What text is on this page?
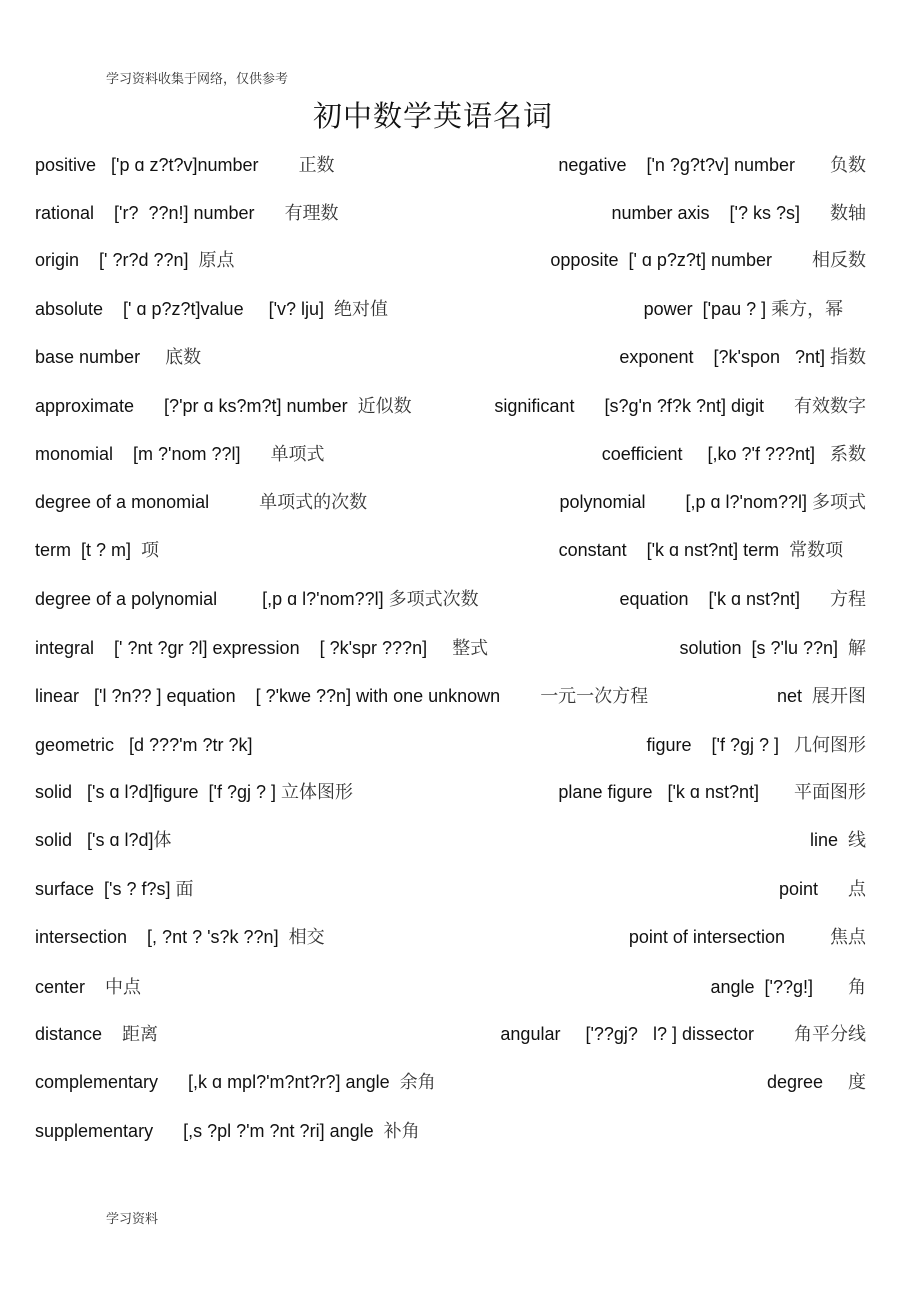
学习资料收集于网络，仅供参考
初中数学英语名词
positive   ['p ɑ z?t?v]number        正数	negative    ['n ?g?t?v] number       负数
rational    ['r?  ??n!] number      有理数	number axis    ['? ks ?s]      数轴
origin    [' ?r?d ??n]  原点	opposite  [' ɑ p?z?t] number        相反数
absolute    [' ɑ p?z?t]value     ['v? lju]  绝对值	power  ['pau ? ] 乘方，幂
base number     底数	exponent    [?k'spon   ?nt] 指数
approximate      [?'pr ɑ ks?m?t] number  近似数	significant      [s?g'n ?f?k ?nt] digit      有效数字
monomial    [m ?'nom ??l]      单项式	coefficient     [,ko ?'f ???nt]   系数
degree of a monomial          单项式的次数	polynomial        [,p ɑ l?'nom??l] 多项式
term  [t ? m]  项	constant    ['k ɑ nst?nt] term  常数项
degree of a polynomial         [,p ɑ l?'nom??l] 多项式次数	equation    ['k ɑ nst?nt]      方程
integral    [' ?nt ?gr ?l] expression    [ ?k'spr ???n]     整式	solution  [s ?'lu ??n]  解
linear   ['l ?n?? ] equation    [ ?'kwe ??n] with one unknown        一元一次方程	net  展开图
geometric   [d ???'m ?tr ?k]	figure    ['f ?gj ? ]   几何图形
solid   ['s ɑ l?d]figure  ['f ?gj ? ] 立体图形	plane figure   ['k ɑ nst?nt]       平面图形
solid   ['s ɑ l?d]体	line  线
surface  ['s ? f?s] 面	point      点
intersection    [, ?nt ? 's?k ??n]  相交	point of intersection         焦点
center    中点	angle  ['??g!]       角
distance    距离	angular     ['??gj?   l? ] dissector        角平分线
complementary      [,k ɑ mpl?'m?nt?r?] angle  余角	degree     度
supplementary      [,s ?pl ?'m ?nt ?ri] angle  补角
学习资料
